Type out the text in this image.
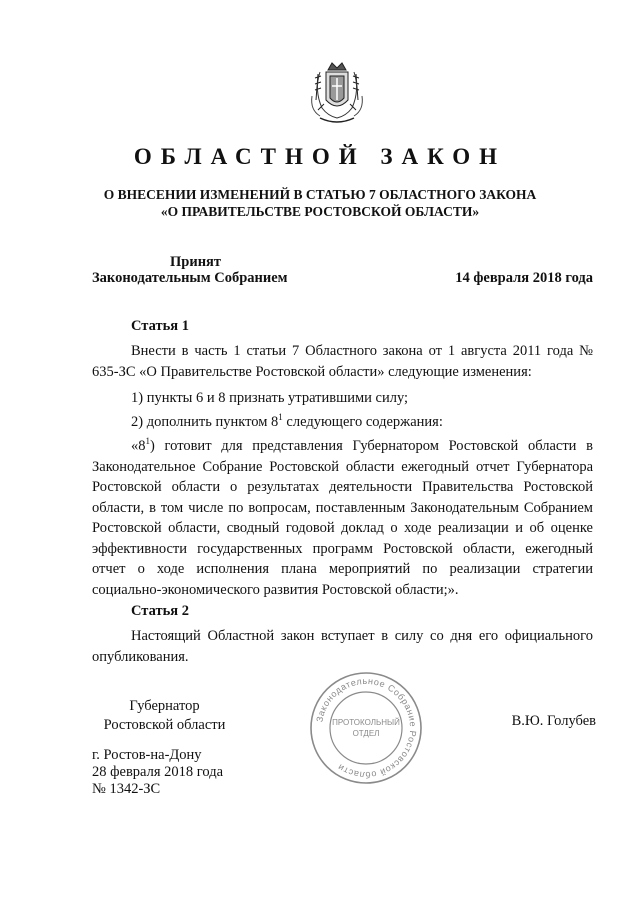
ОБЛАСТНОЙ ЗАКОН
О ВНЕСЕНИИ ИЗМЕНЕНИЙ В СТАТЬЮ 7 ОБЛАСТНОГО ЗАКОНА
«О ПРАВИТЕЛЬСТВЕ РОСТОВСКОЙ ОБЛАСТИ»
Принят
Законодательным Собранием	14 февраля 2018 года
Статья 1

Внести в часть 1 статьи 7 Областного закона от 1 августа 2011 года № 635-ЗС «О Правительстве Ростовской области» следующие изменения:

1) пункты 6 и 8 признать утратившими силу;
2) дополнить пунктом $8^1$ следующего содержания:

«$8^1$) готовит для представления Губернатором Ростовской области в Законодательное Собрание Ростовской области ежегодный отчет Губернатора Ростовской области о результатах деятельности Правительства Ростовской области, в том числе по вопросам, поставленным Законодательным Собранием Ростовской области, сводный годовой доклад о ходе реализации и об оценке эффективности государственных программ Ростовской области, ежегодный отчет о ходе исполнения плана мероприятий по реализации стратегии социально-экономического развития Ростовской области;».

Статья 2

Настоящий Областной закон вступает в силу со дня его официального опубликования.

Губернатор
Ростовской области	В.Ю. Голубев
г. Ростов-на-Дону
28 февраля 2018 года
№ 1342-ЗС
Законодательное Собрание Ростовской области
ПРОТОКОЛЬНЫЙ
ОТДЕЛ
